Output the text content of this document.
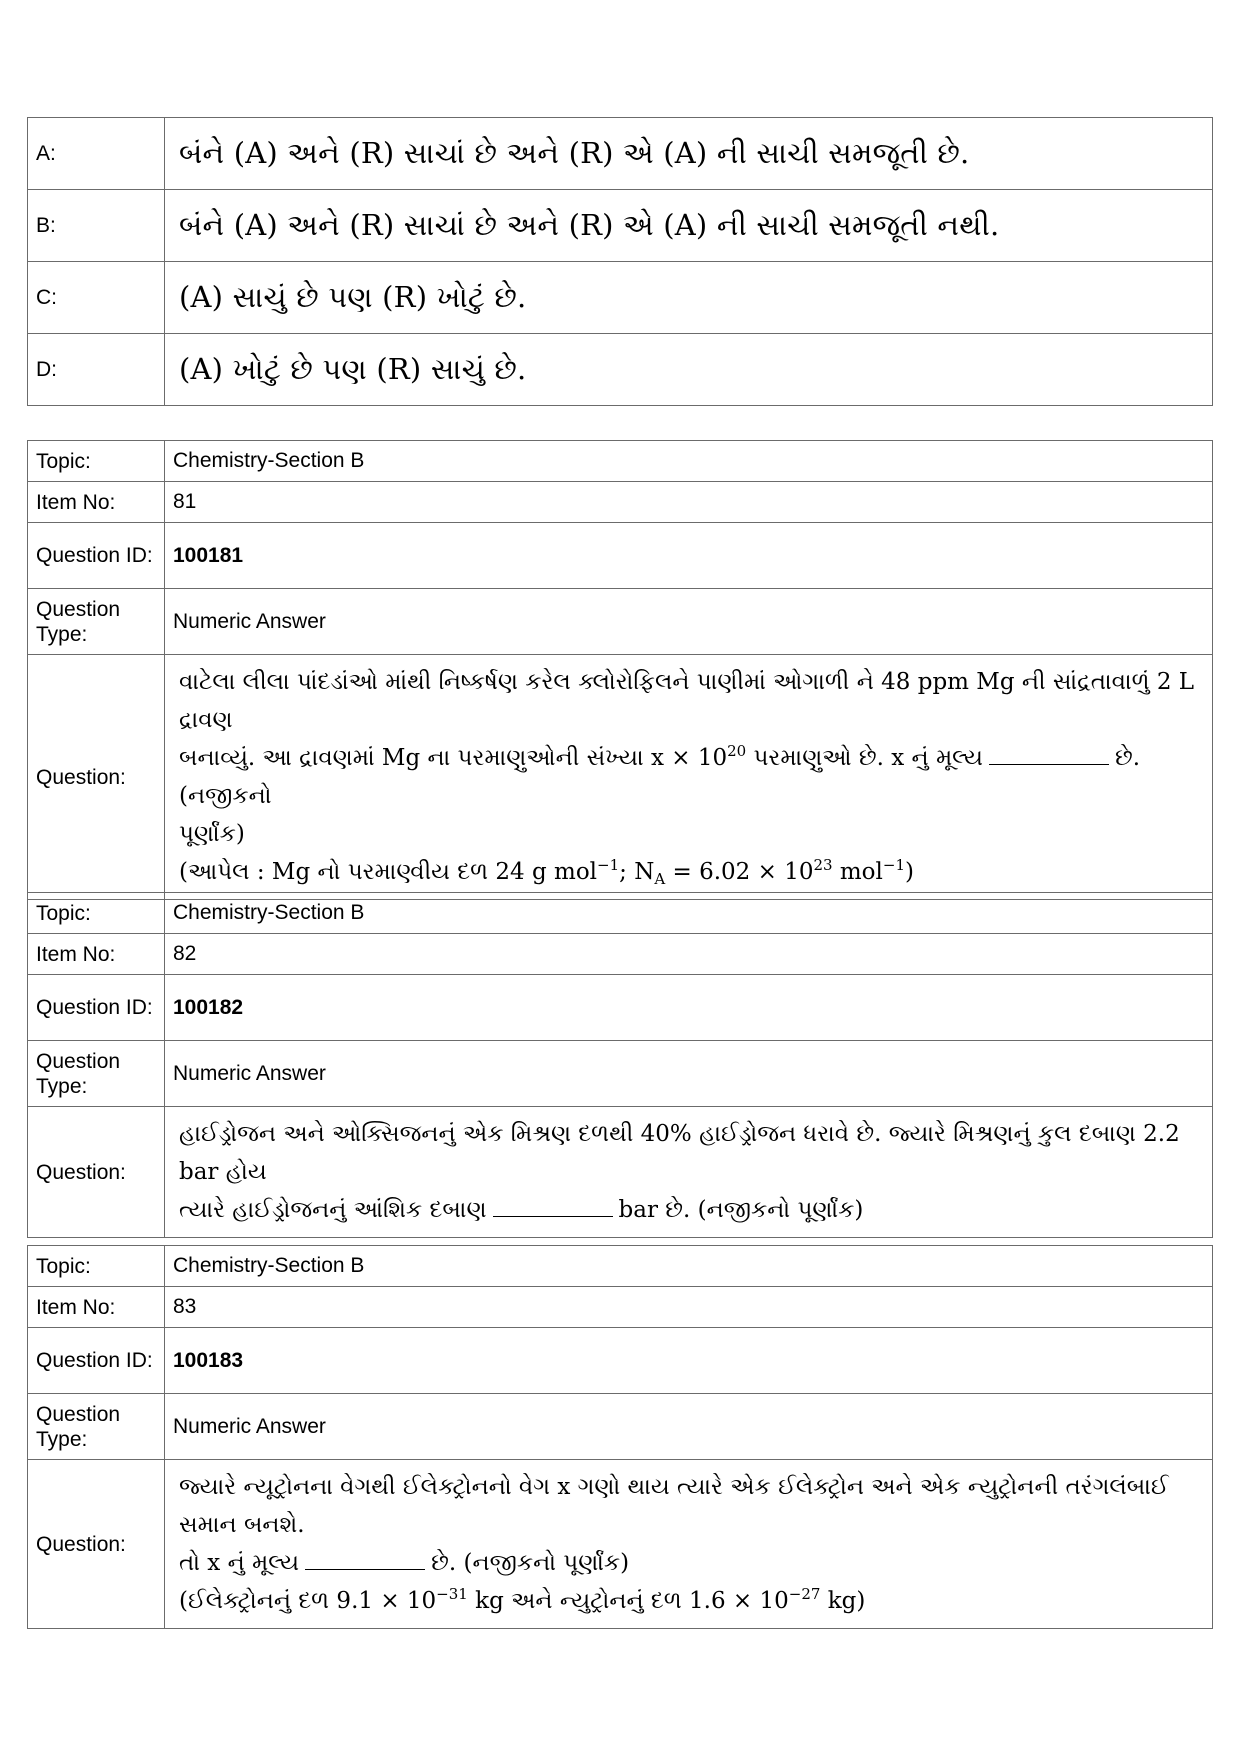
A:	બંને (A) અને (R) સાચાં છે અને (R) એ (A) ની સાચી સમજૂતી છે.
B:	બંને (A) અને (R) સાચાં છે અને (R) એ (A) ની સાચી સમજૂતી નથી.
C:	(A) સાચું છે પણ (R) ખોટું છે.
D:	(A) ખોટું છે પણ (R) સાચું છે.
Topic:	Chemistry-Section B
Item No:	81
Question ID:	100181
Question Type:	Numeric Answer
Question:	વાટેલા લીલા પાંદડાંઓ માંથી નિષ્કર્ષણ કરેલ ક્લોરોફિલને પાણીમાં ઓગાળી ને 48 ppm Mg ની સાંદ્રતાવાળું 2 L દ્રાવણ
બનાવ્યું. આ દ્રાવણમાં Mg ના પરમાણુઓની સંખ્યા $x \times 10^{20}$ પરમાણુઓ છે. x નું મૂલ્ય છે. (નજીકનો
પૂર્ણાંક)
(આપેલ : Mg નો પરમાણ્વીય દળ 24 g mol$^{-1}$; $N_A = 6.02 \times 10^{23}$ mol$^{-1}$)
Topic:	Chemistry-Section B
Item No:	82
Question ID:	100182
Question Type:	Numeric Answer
Question:	હાઈડ્રોજન અને ઓક્સિજનનું એક મિશ્રણ દળથી 40% હાઈડ્રોજન ધરાવે છે. જ્યારે મિશ્રણનું કુલ દબાણ 2.2 bar હોય
ત્યારે હાઈડ્રોજનનું આંશિક દબાણ bar છે. (નજીકનો પૂર્ણાંક)
Topic:	Chemistry-Section B
Item No:	83
Question ID:	100183
Question Type:	Numeric Answer
Question:	જ્યારે ન્યૂટ્રોનના વેગથી ઈલેક્ટ્રોનનો વેગ x ગણો થાય ત્યારે એક ઈલેક્ટ્રોન અને એક ન્યુટ્રોનની તરંગલંબાઈ સમાન બનશે.
તો x નું મૂલ્ય છે. (નજીકનો પૂર્ણાંક)
(ઈલેક્ટ્રોનનું દળ $9.1 \times 10^{-31}$ kg અને ન્યુટ્રોનનું દળ $1.6 \times 10^{-27}$ kg)
